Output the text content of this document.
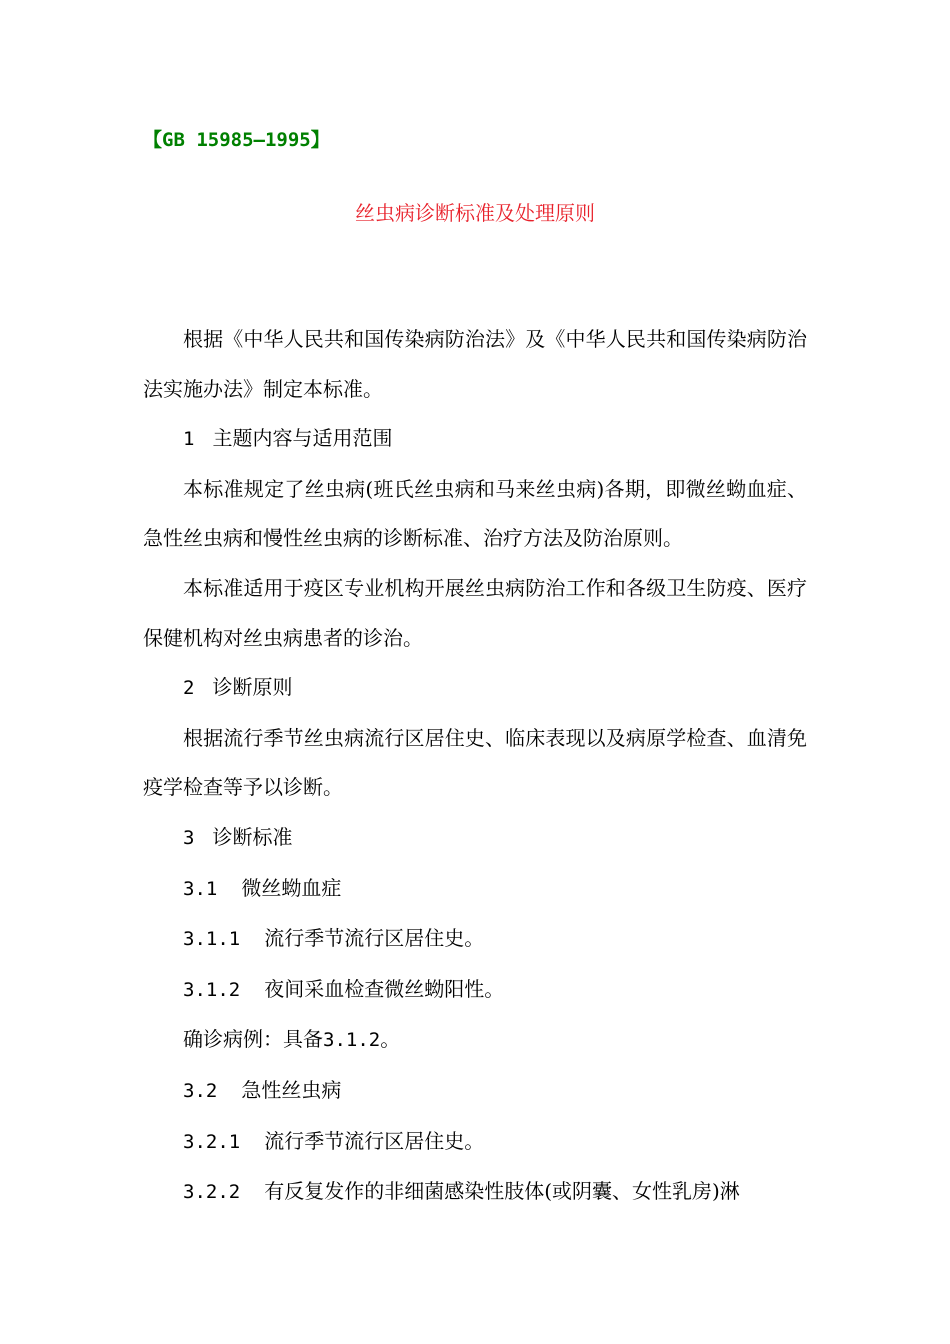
【GB 15985—1995】
丝虫病诊断标准及处理原则

根据《中华人民共和国传染病防治法》及《中华人民共和国传染病防治法实施办法》制定本标准。

1 主题内容与适用范围

本标准规定了丝虫病(班氏丝虫病和马来丝虫病)各期，即微丝蚴血症、急性丝虫病和慢性丝虫病的诊断标准、治疗方法及防治原则。

本标准适用于疫区专业机构开展丝虫病防治工作和各级卫生防疫、医疗保健机构对丝虫病患者的诊治。

2 诊断原则

根据流行季节丝虫病流行区居住史、临床表现以及病原学检查、血清免疫学检查等予以诊断。

3 诊断标准

3.1 微丝蚴血症

3.1.1 流行季节流行区居住史。

3.1.2 夜间采血检查微丝蚴阳性。

确诊病例：具备3.1.2。

3.2 急性丝虫病

3.2.1 流行季节流行区居住史。

3.2.2 有反复发作的非细菌感染性肢体(或阴囊、女性乳房)淋
